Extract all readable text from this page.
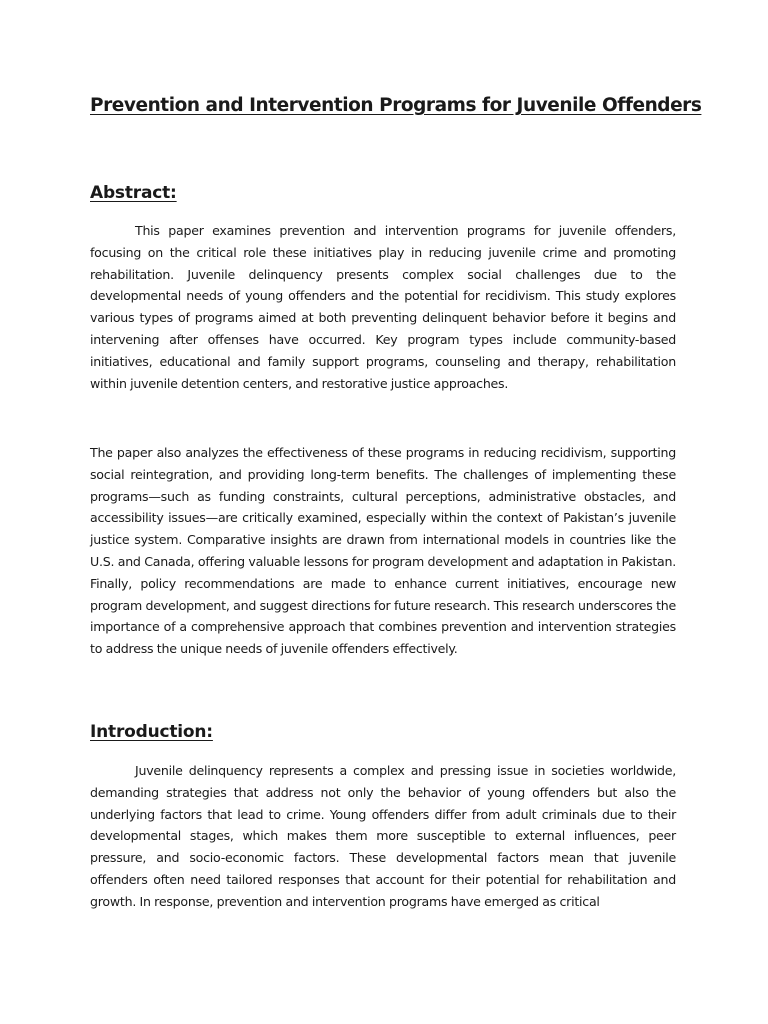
Prevention and Intervention Programs for Juvenile Offenders
Abstract:

This paper examines prevention and intervention programs for juvenile offenders, focusing on the critical role these initiatives play in reducing juvenile crime and promoting rehabilitation. Juvenile delinquency presents complex social challenges due to the developmental needs of young offenders and the potential for recidivism. This study explores various types of programs aimed at both preventing delinquent behavior before it begins and intervening after offenses have occurred. Key program types include community-based initiatives, educational and family support programs, counseling and therapy, rehabilitation within juvenile detention centers, and restorative justice approaches.

The paper also analyzes the effectiveness of these programs in reducing recidivism, supporting social reintegration, and providing long-term benefits. The challenges of implementing these programs—such as funding constraints, cultural perceptions, administrative obstacles, and accessibility issues—are critically examined, especially within the context of Pakistan’s juvenile justice system. Comparative insights are drawn from international models in countries like the U.S. and Canada, offering valuable lessons for program development and adaptation in Pakistan. Finally, policy recommendations are made to enhance current initiatives, encourage new program development, and suggest directions for future research. This research underscores the importance of a comprehensive approach that combines prevention and intervention strategies to address the unique needs of juvenile offenders effectively.

Introduction:

Juvenile delinquency represents a complex and pressing issue in societies worldwide, demanding strategies that address not only the behavior of young offenders but also the underlying factors that lead to crime. Young offenders differ from adult criminals due to their developmental stages, which makes them more susceptible to external influences, peer pressure, and socio-economic factors. These developmental factors mean that juvenile offenders often need tailored responses that account for their potential for rehabilitation and growth. In response, prevention and intervention programs have emerged as critical
